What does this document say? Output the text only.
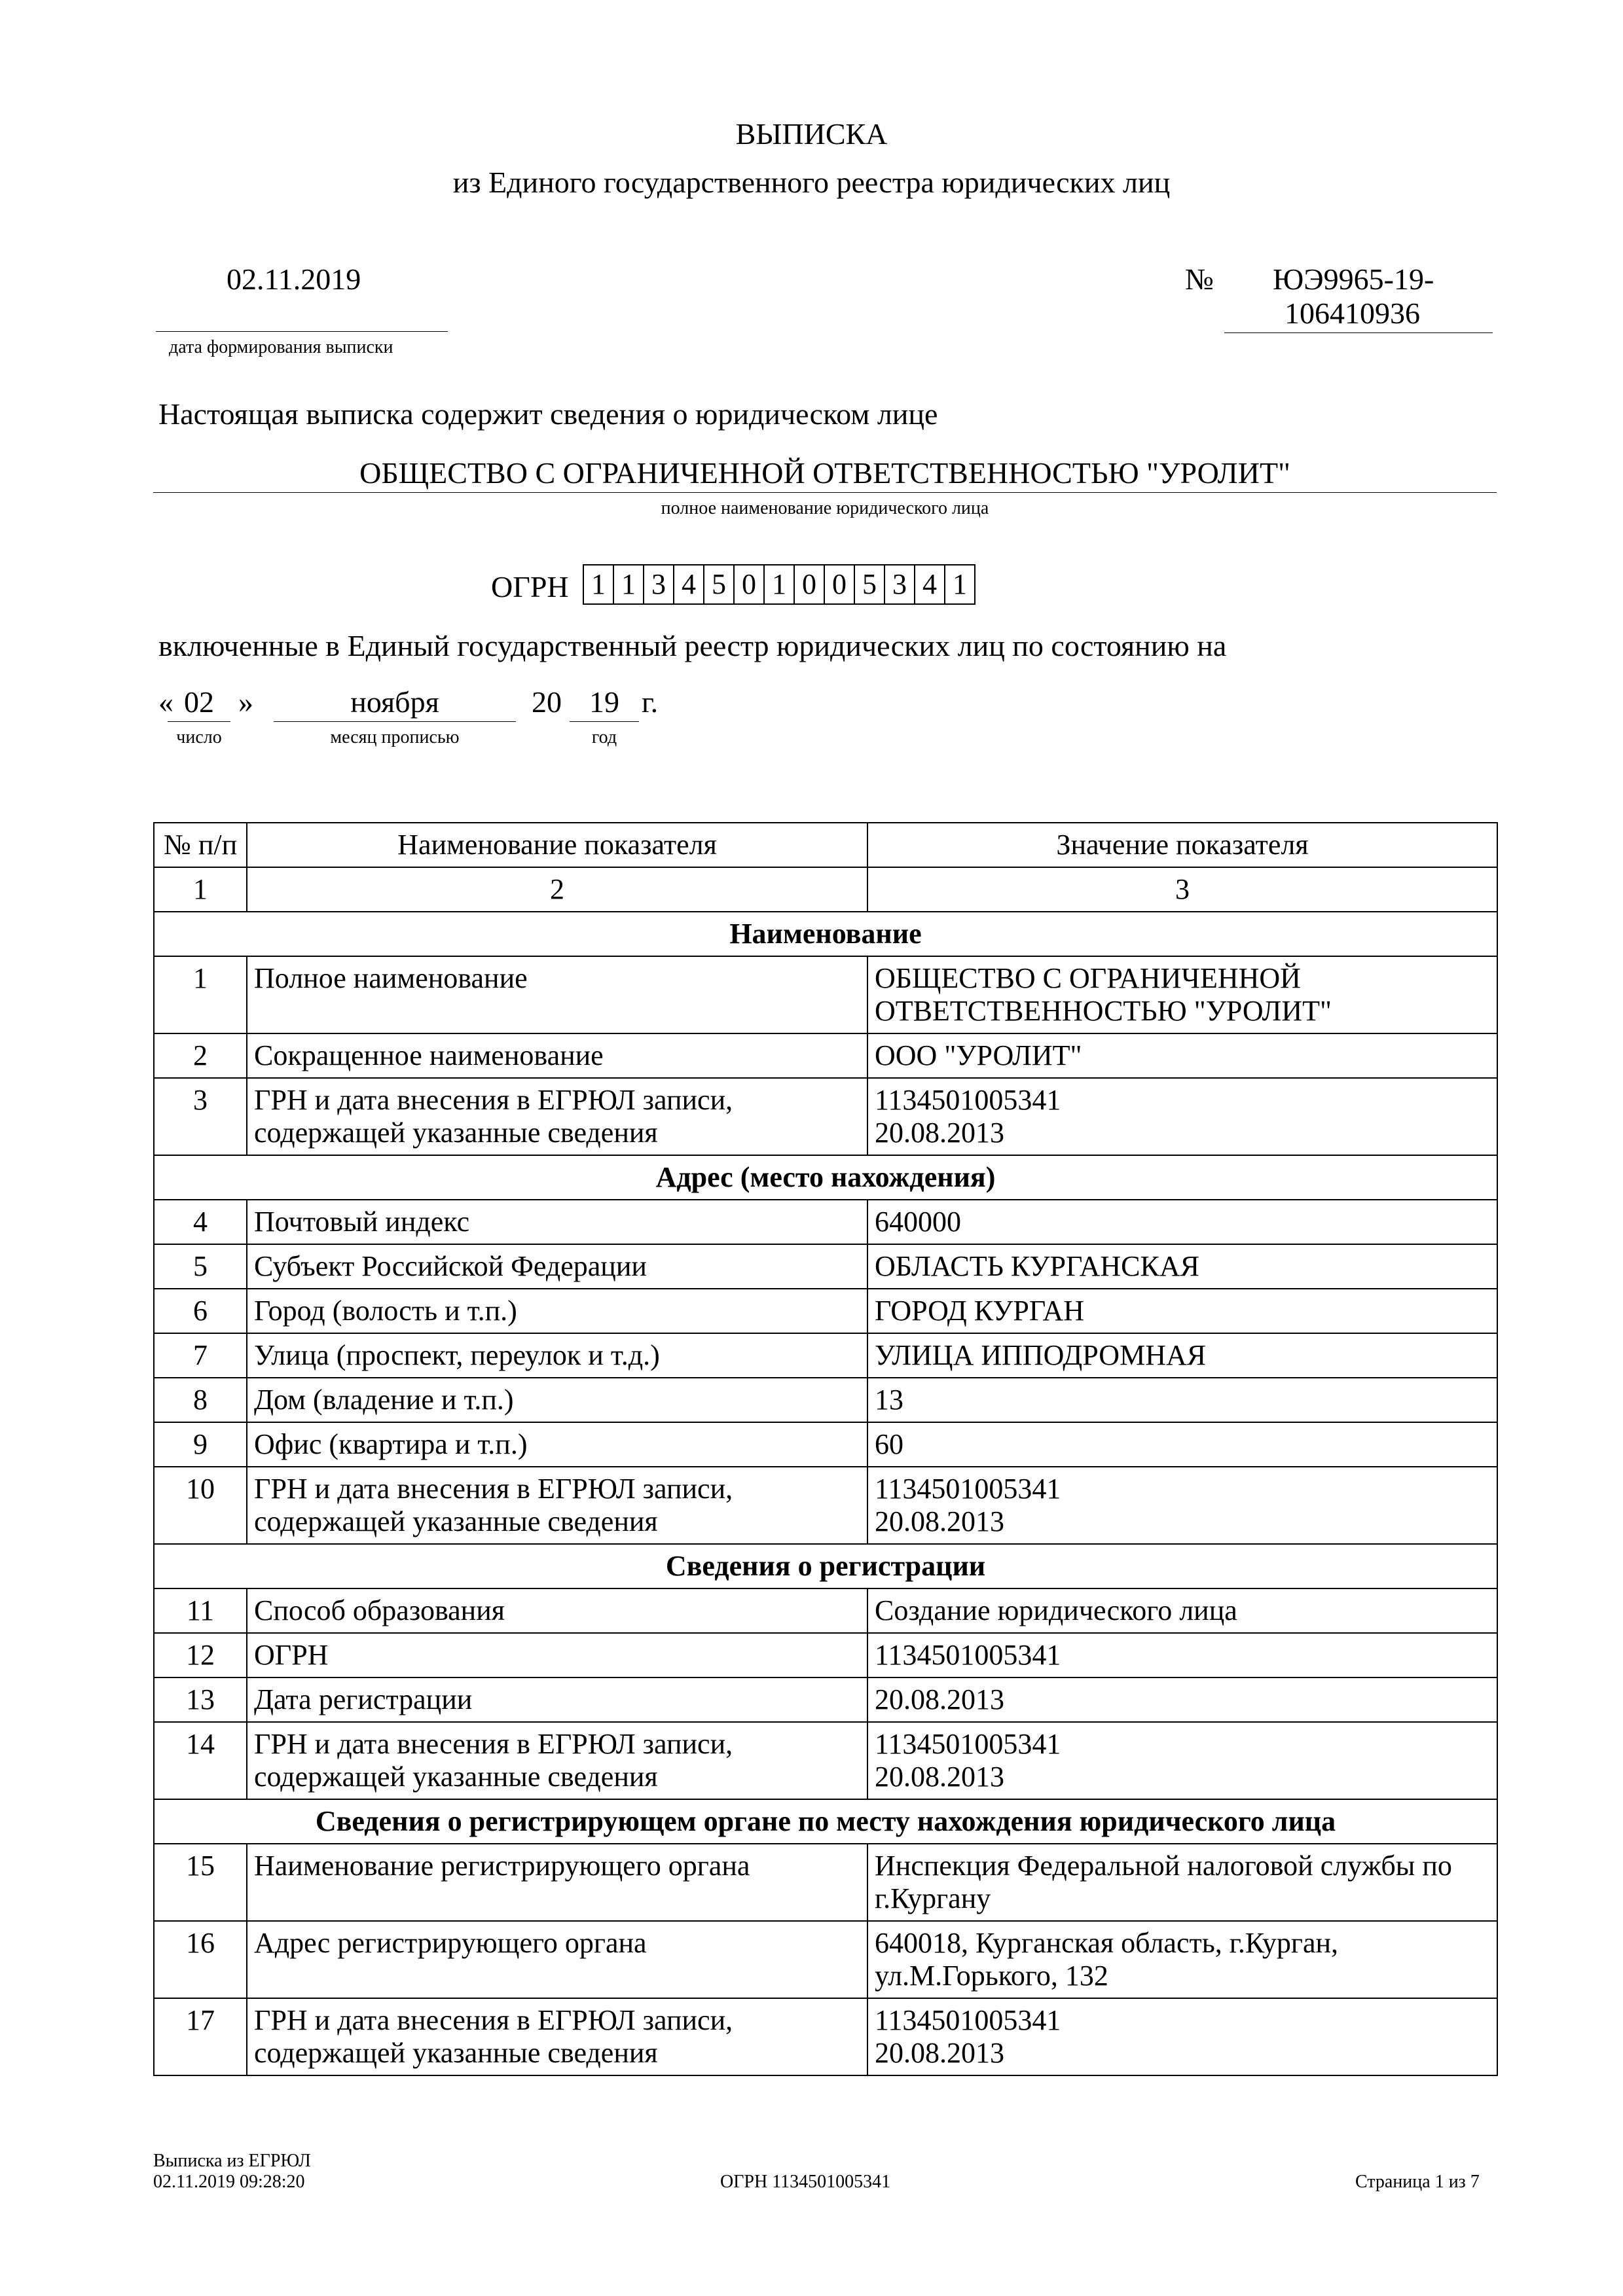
ВЫПИСКА
из Единого государственного реестра юридических лиц
02.11.2019
дата формирования выписки
№ ЮЭ9965-19-
106410936
Настоящая выписка содержит сведения о юридическом лице
ОБЩЕСТВО С ОГРАНИЧЕННОЙ ОТВЕТСТВЕННОСТЬЮ "УРОЛИТ"
полное наименование юридического лица
ОГРН 1 1 3 4 5 0 1 0 0 5 3 4 1
включенные в Единый государственный реестр юридических лиц по состоянию на
« 02 »	ноября	20 19 г.
число	месяц прописью	год
№ п/п	Наименование показателя	Значение показателя
1	2	3
Наименование		
1	Полное наименование	ОБЩЕСТВО С ОГРАНИЧЕННОЙ ОТВЕТСТВЕННОСТЬЮ "УРОЛИТ"
2	Сокращенное наименование	ООО "УРОЛИТ"
3	ГРН и дата внесения в ЕГРЮЛ записи, содержащей указанные сведения	1134501005341
20.08.2013
Адрес (место нахождения)		
4	Почтовый индекс	640000
5	Субъект Российской Федерации	ОБЛАСТЬ КУРГАНСКАЯ
6	Город (волость и т.п.)	ГОРОД КУРГАН
7	Улица (проспект, переулок и т.д.)	УЛИЦА ИППОДРОМНАЯ
8	Дом (владение и т.п.)	13
9	Офис (квартира и т.п.)	60
10	ГРН и дата внесения в ЕГРЮЛ записи, содержащей указанные сведения	1134501005341
20.08.2013
Сведения о регистрации		
11	Способ образования	Создание юридического лица
12	ОГРН	1134501005341
13	Дата регистрации	20.08.2013
14	ГРН и дата внесения в ЕГРЮЛ записи, содержащей указанные сведения	1134501005341
20.08.2013
Сведения о регистрирующем органе по месту нахождения юридического лица		
15	Наименование регистрирующего органа	Инспекция Федеральной налоговой службы по г.Кургану
16	Адрес регистрирующего органа	640018, Курганская область, г.Курган, ул.М.Горького, 132
17	ГРН и дата внесения в ЕГРЮЛ записи, содержащей указанные сведения	1134501005341
20.08.2013
Выписка из ЕГРЮЛ
02.11.2019 09:28:20	ОГРН 1134501005341	Страница 1 из 7
